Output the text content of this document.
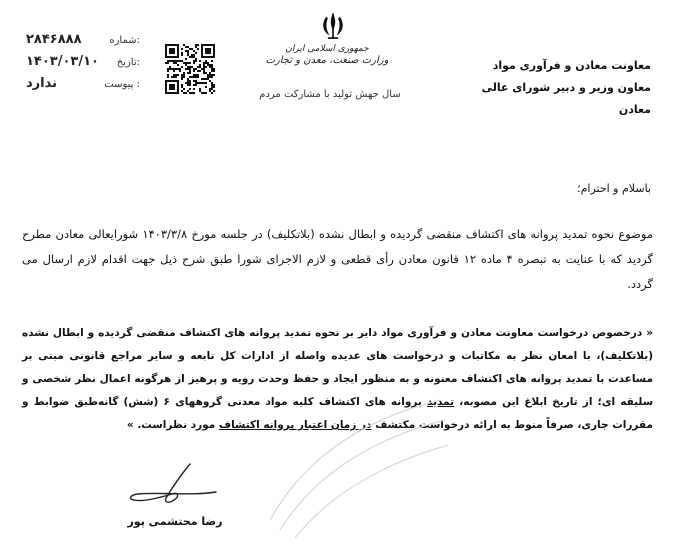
شماره:
۲۸۴۶۸۸۸
تاریخ:
۱۴۰۳/۰۳/۱۰
پیوست :
ندارد
جمهوری اسلامی ایران
وزارت صنعت، معدن و تجارت
سال جهش تولید با مشارکت مردم
معاونت معادن و فرآوری مواد
معاون وزیر و دبیر شورای عالی معادن
باسلام و احترام؛
موضوع نحوه تمدید پروانه های اکتشاف منقضی گردیده و ابطال نشده (بلاتکلیف) در جلسه مورخ ۱۴۰۳/۳/۸ شورایعالی معادن مطرح گردید که با عنایت به تبصره ۴ ماده ۱۲ قانون معادن رأی قطعی و لازم الاجرای شورا طبق شرح ذیل جهت اقدام لازم ارسال می گردد.
« درخصوص درخواست معاونت معادن و فرآوری مواد دایر بر نحوه تمدید پروانه های اکتشاف منقضی گردیده و ابطال نشده (بلاتکلیف)، با امعان نظر به مکاتبات و درخواست های عدیده واصله از ادارات کل تابعه و سایر مراجع قانونی مبنی بر مساعدت با تمدید پروانه های اکتشاف معنونه و به منظور ایجاد و حفظ وحدت رویه و پرهیز از هرگونه اعمال نظر شخصی و سلیقه ای؛ از تاریخ ابلاغ این مصوبه، تمدید پروانه های اکتشاف کلیه مواد معدنی گروههای ۶ (شش) گانه‌طبق ضوابط و مقررات جاری، صرفاً منوط به ارائه درخواست مکتشف در زمان اعتبار پروانه اکتشاف مورد نظراست. »
رضا محتشمی پور
